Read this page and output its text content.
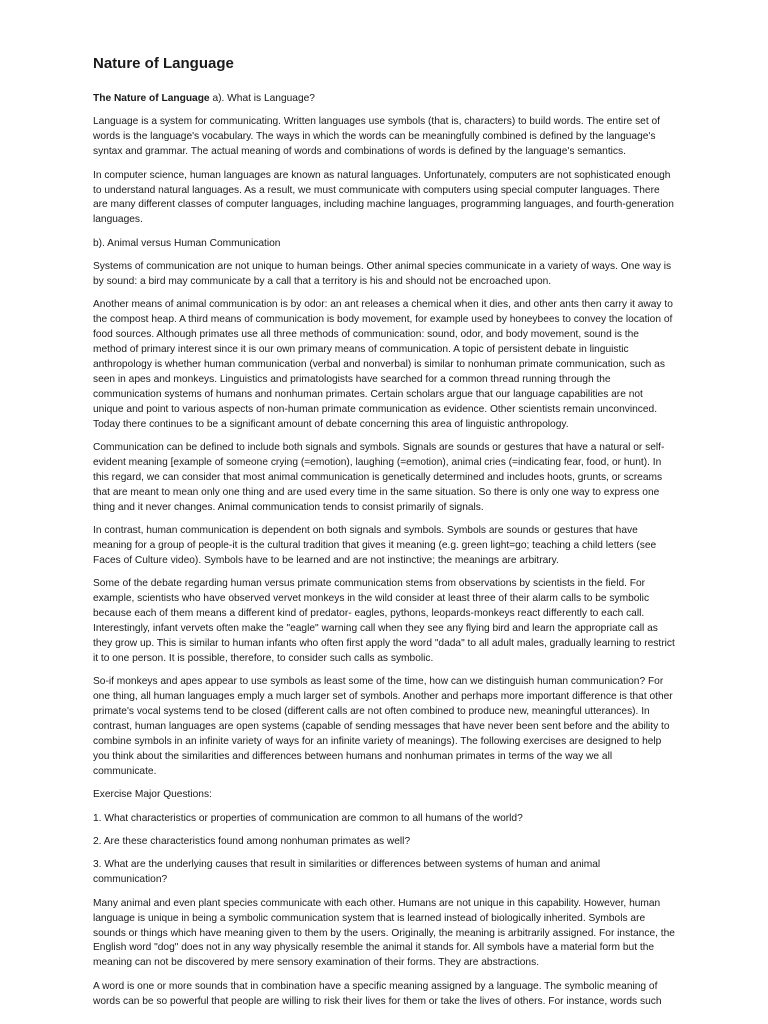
Nature of Language

The Nature of Language a). What is Language?

Language is a system for communicating. Written languages use symbols (that is, characters) to build words. The entire set of words is the language's vocabulary. The ways in which the words can be meaningfully combined is defined by the language's syntax and grammar. The actual meaning of words and combinations of words is defined by the language's semantics.

In computer science, human languages are known as natural languages. Unfortunately, computers are not sophisticated enough to understand natural languages. As a result, we must communicate with computers using special computer languages. There are many different classes of computer languages, including machine languages, programming languages, and fourth-generation languages.

b). Animal versus Human Communication

Systems of communication are not unique to human beings. Other animal species communicate in a variety of ways. One way is by sound: a bird may communicate by a call that a territory is his and should not be encroached upon.

Another means of animal communication is by odor: an ant releases a chemical when it dies, and other ants then carry it away to the compost heap. A third means of communication is body movement, for example used by honeybees to convey the location of food sources. Although primates use all three methods of communication: sound, odor, and body movement, sound is the method of primary interest since it is our own primary means of communication. A topic of persistent debate in linguistic anthropology is whether human communication (verbal and nonverbal) is similar to nonhuman primate communication, such as seen in apes and monkeys. Linguistics and primatologists have searched for a common thread running through the communication systems of humans and nonhuman primates. Certain scholars argue that our language capabilities are not unique and point to various aspects of non-human primate communication as evidence. Other scientists remain unconvinced. Today there continues to be a significant amount of debate concerning this area of linguistic anthropology.

Communication can be defined to include both signals and symbols. Signals are sounds or gestures that have a natural or self-evident meaning [example of someone crying (=emotion), laughing (=emotion), animal cries (=indicating fear, food, or hunt). In this regard, we can consider that most animal communication is genetically determined and includes hoots, grunts, or screams that are meant to mean only one thing and are used every time in the same situation. So there is only one way to express one thing and it never changes. Animal communication tends to consist primarily of signals.

In contrast, human communication is dependent on both signals and symbols. Symbols are sounds or gestures that have meaning for a group of people-it is the cultural tradition that gives it meaning (e.g. green light=go; teaching a child letters (see Faces of Culture video). Symbols have to be learned and are not instinctive; the meanings are arbitrary.

Some of the debate regarding human versus primate communication stems from observations by scientists in the field. For example, scientists who have observed vervet monkeys in the wild consider at least three of their alarm calls to be symbolic because each of them means a different kind of predator- eagles, pythons, leopards-monkeys react differently to each call. Interestingly, infant vervets often make the "eagle" warning call when they see any flying bird and learn the appropriate call as they grow up. This is similar to human infants who often first apply the word "dada" to all adult males, gradually learning to restrict it to one person. It is possible, therefore, to consider such calls as symbolic.

So-if monkeys and apes appear to use symbols as least some of the time, how can we distinguish human communication? For one thing, all human languages emply a much larger set of symbols. Another and perhaps more important difference is that other primate's vocal systems tend to be closed (different calls are not often combined to produce new, meaningful utterances). In contrast, human languages are open systems (capable of sending messages that have never been sent before and the ability to combine symbols in an infinite variety of ways for an infinite variety of meanings). The following exercises are designed to help you think about the similarities and differences between humans and nonhuman primates in terms of the way we all communicate.

Exercise Major Questions:

1. What characteristics or properties of communication are common to all humans of the world?

2. Are these characteristics found among nonhuman primates as well?

3. What are the underlying causes that result in similarities or differences between systems of human and animal communication?

Many animal and even plant species communicate with each other. Humans are not unique in this capability. However, human language is unique in being a symbolic communication system that is learned instead of biologically inherited. Symbols are sounds or things which have meaning given to them by the users. Originally, the meaning is arbitrarily assigned. For instance, the English word "dog" does not in any way physically resemble the animal it stands for. All symbols have a material form but the meaning can not be discovered by mere sensory examination of their forms. They are abstractions.

A word is one or more sounds that in combination have a specific meaning assigned by a language. The symbolic meaning of words can be so powerful that people are willing to risk their lives for them or take the lives of others. For instance, words such
